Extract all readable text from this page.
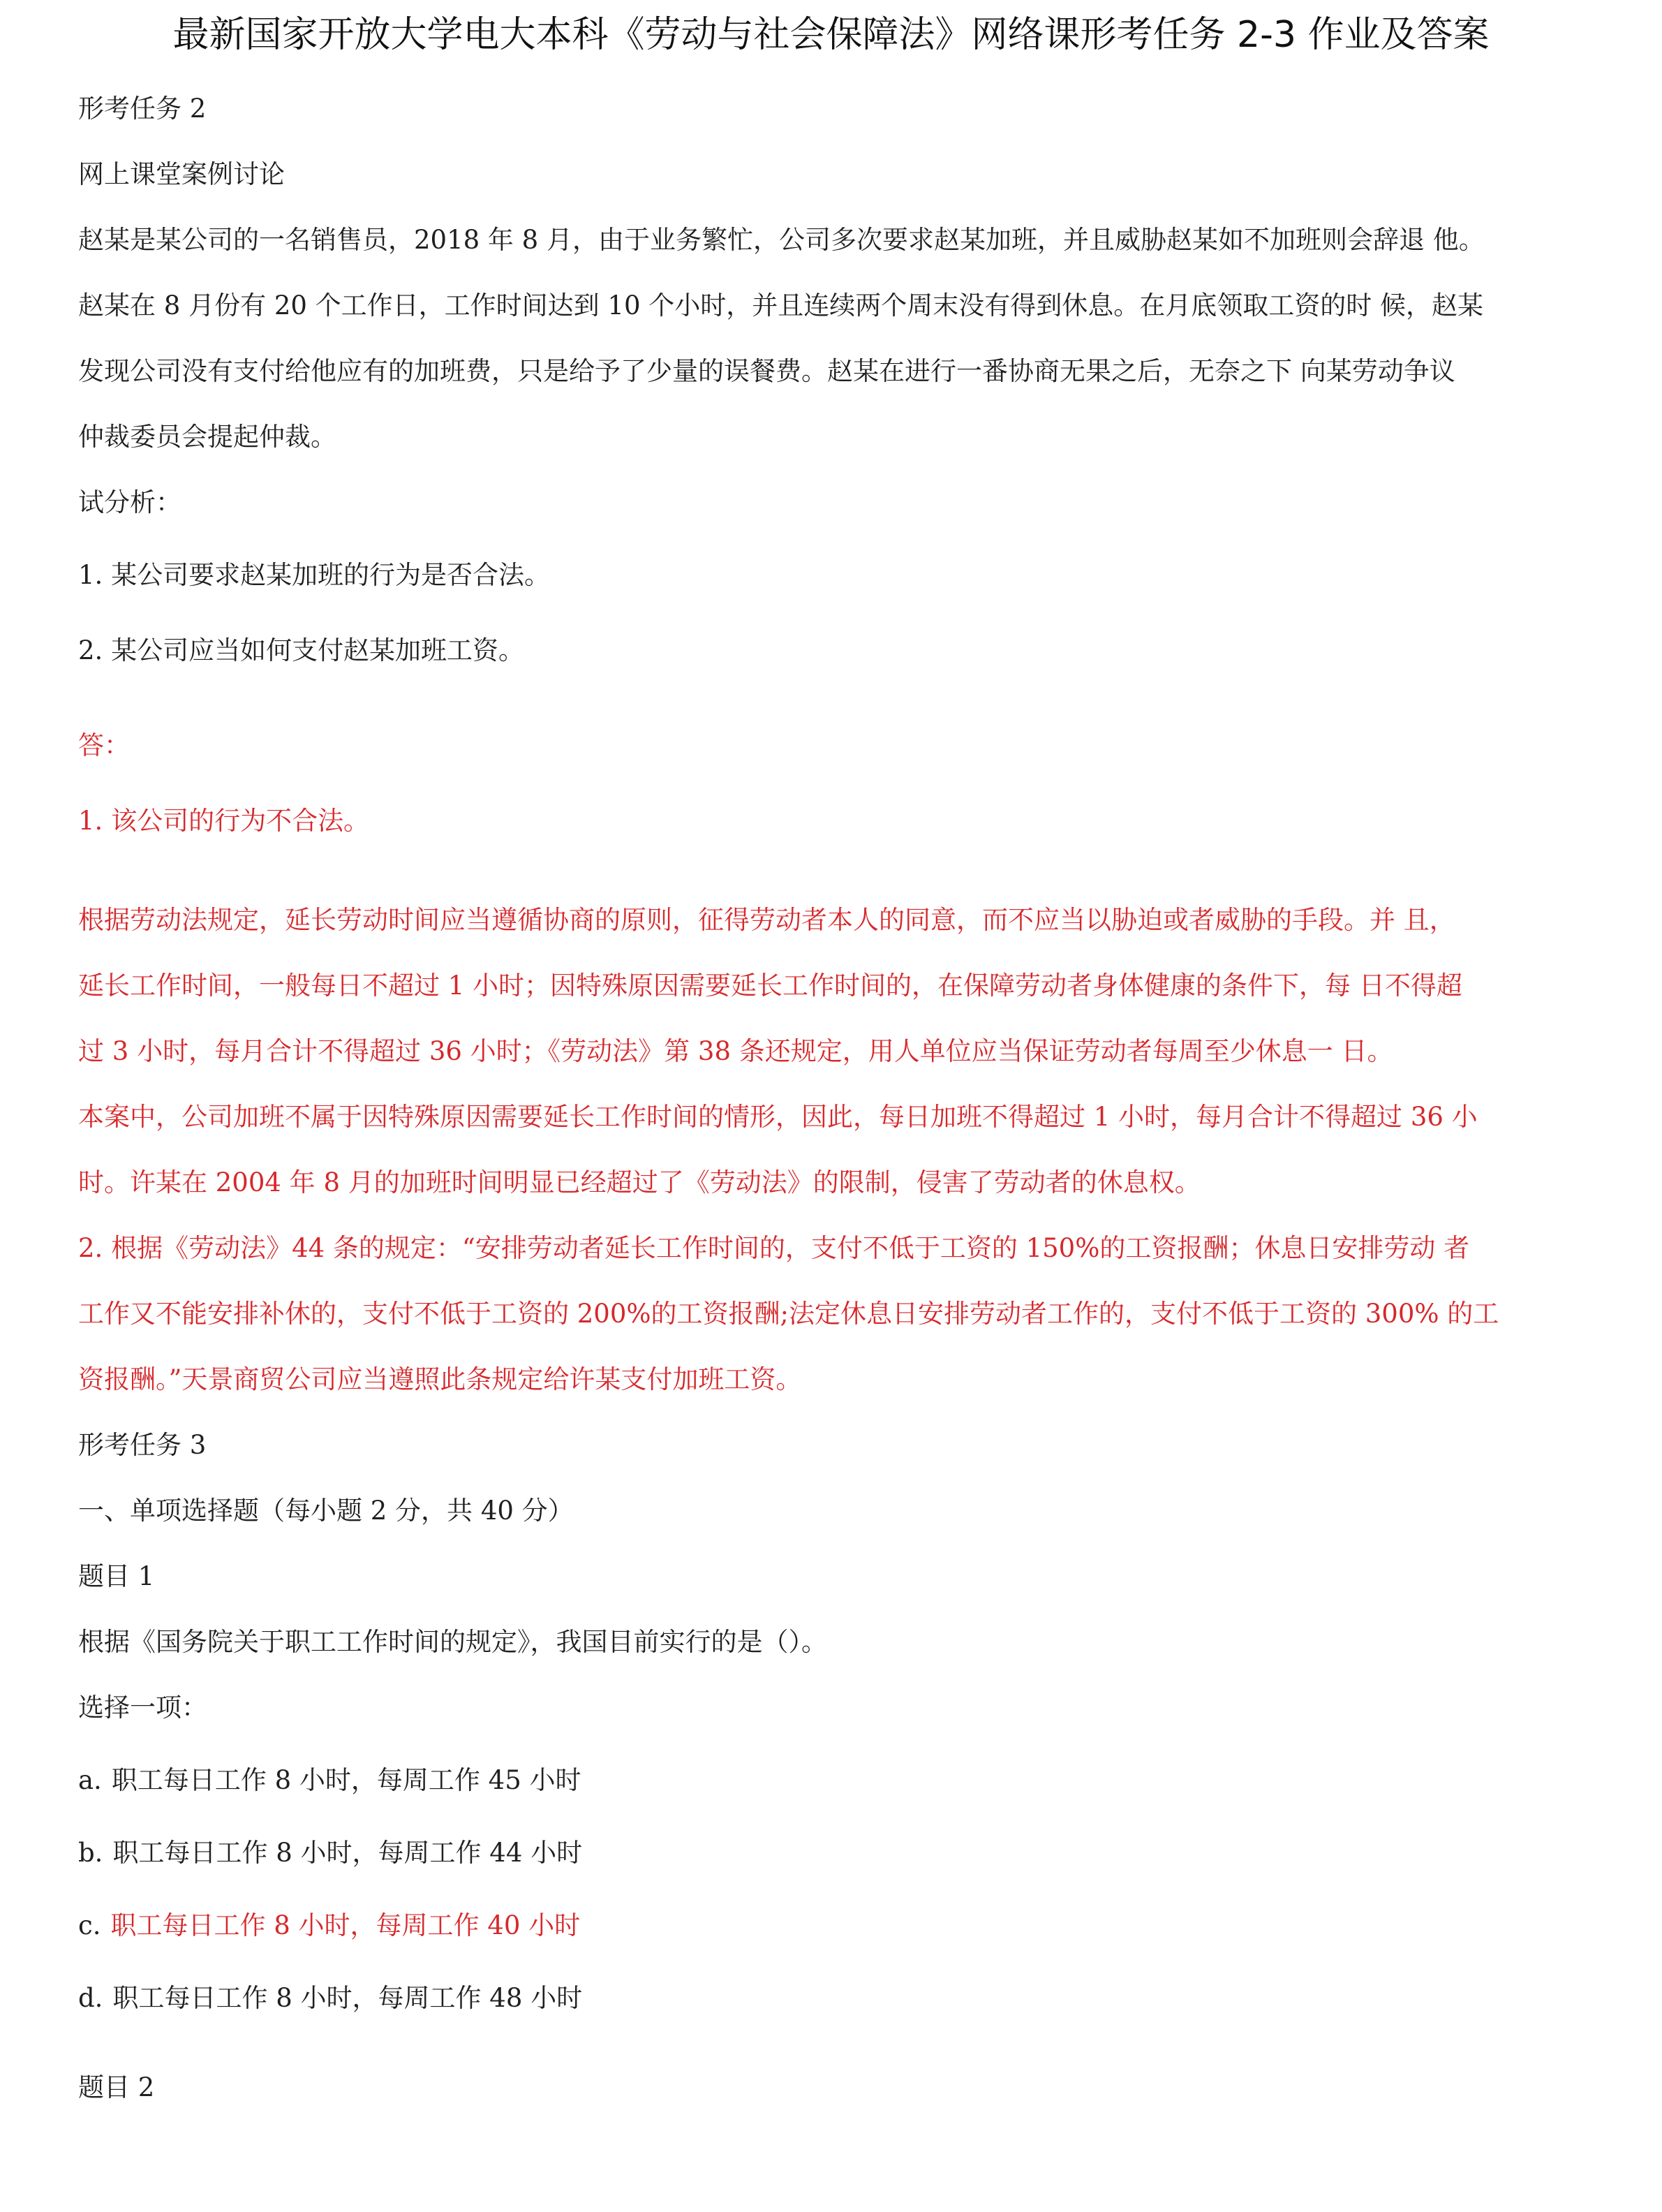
最新国家开放大学电大本科《劳动与社会保障法》网络课形考任务 2-3 作业及答案
形考任务 2
网上课堂案例讨论
赵某是某公司的一名销售员，2018 年 8 月，由于业务繁忙，公司多次要求赵某加班，并且威胁赵某如不加班则会辞退 他。
赵某在 8 月份有 20 个工作日，工作时间达到 10 个小时，并且连续两个周末没有得到休息。在月底领取工资的时 候，赵某
发现公司没有支付给他应有的加班费，只是给予了少量的误餐费。赵某在进行一番协商无果之后，无奈之下 向某劳动争议
仲裁委员会提起仲裁。
试分析：
1. 某公司要求赵某加班的行为是否合法。
2. 某公司应当如何支付赵某加班工资。
答：
1. 该公司的行为不合法。
根据劳动法规定，延长劳动时间应当遵循协商的原则，征得劳动者本人的同意，而不应当以胁迫或者威胁的手段。并 且，
延长工作时间，一般每日不超过 1 小时；因特殊原因需要延长工作时间的，在保障劳动者身体健康的条件下，每 日不得超
过 3 小时，每月合计不得超过 36 小时；《劳动法》第 38 条还规定，用人单位应当保证劳动者每周至少休息一 日。
本案中，公司加班不属于因特殊原因需要延长工作时间的情形，因此，每日加班不得超过 1 小时，每月合计不得超过 36 小
时。许某在 2004 年 8 月的加班时间明显已经超过了《劳动法》的限制，侵害了劳动者的休息权。
2. 根据《劳动法》44 条的规定：“安排劳动者延长工作时间的，支付不低于工资的 150%的工资报酬；休息日安排劳动 者
工作又不能安排补休的，支付不低于工资的 200%的工资报酬;法定休息日安排劳动者工作的，支付不低于工资的 300% 的工
资报酬。”天景商贸公司应当遵照此条规定给许某支付加班工资。
形考任务 3
一、单项选择题（每小题 2 分，共 40 分）
题目 1
根据《国务院关于职工工作时间的规定》，我国目前实行的是（）。
选择一项：
a. 职工每日工作 8 小时，每周工作 45 小时
b. 职工每日工作 8 小时，每周工作 44 小时
c. 职工每日工作 8 小时，每周工作 40 小时
d. 职工每日工作 8 小时，每周工作 48 小时
题目 2
